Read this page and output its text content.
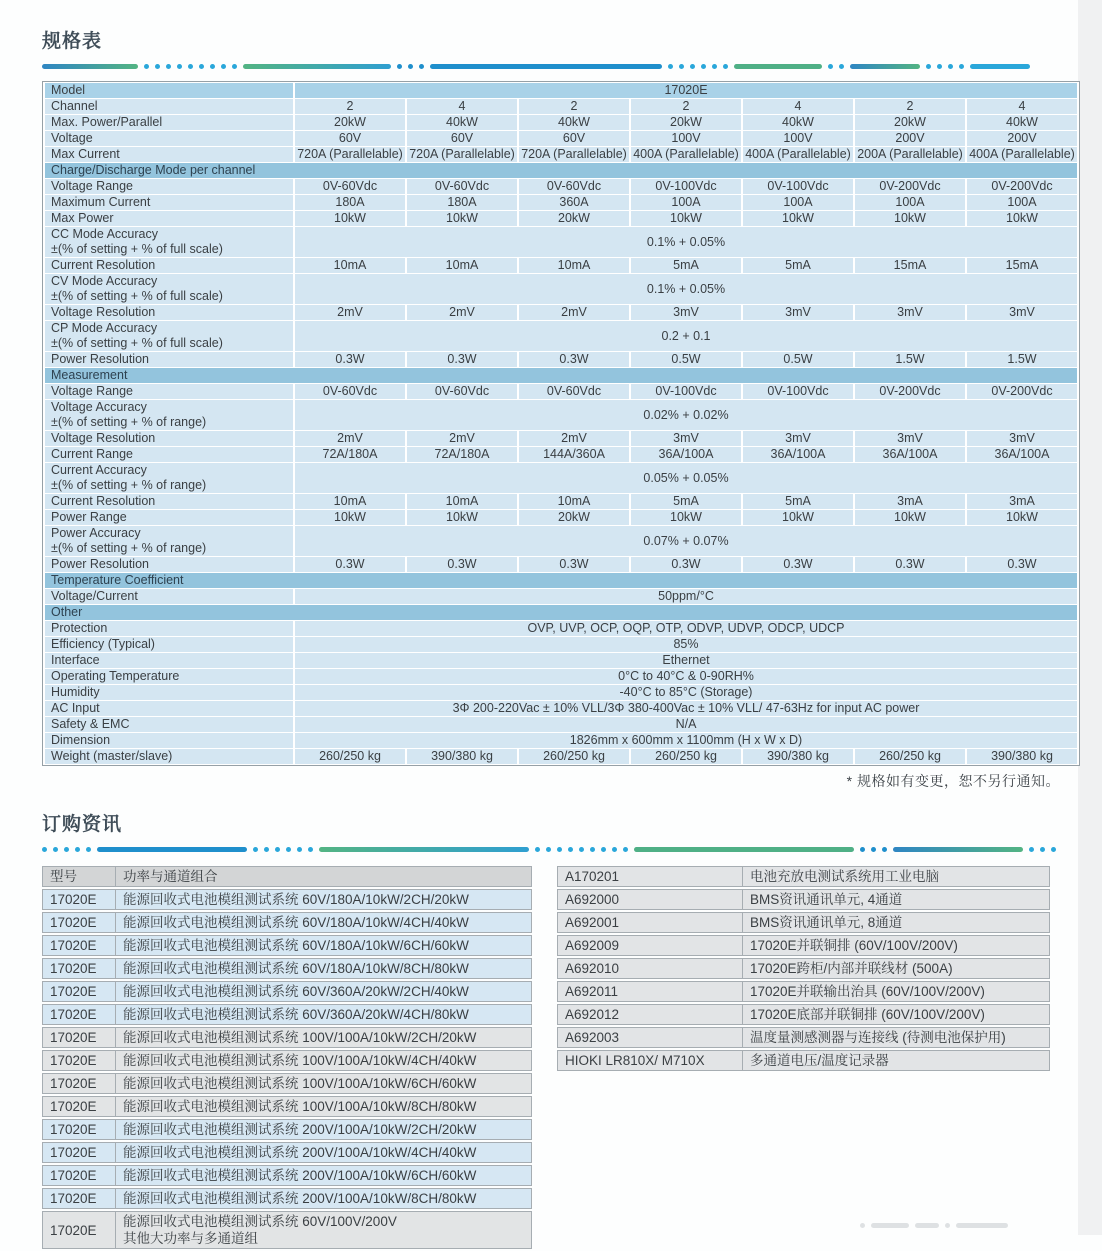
规格表
Model	17020E						
Channel	2	4	2	2	4	2	4
Max. Power/Parallel	20kW	40kW	40kW	20kW	40kW	20kW	40kW
Voltage	60V	60V	60V	100V	100V	200V	200V
Max Current	720A (Parallelable)	720A (Parallelable)	720A (Parallelable)	400A (Parallelable)	400A (Parallelable)	200A (Parallelable)	400A (Parallelable)
Charge/Discharge Mode per channel							
Voltage Range	0V-60Vdc	0V-60Vdc	0V-60Vdc	0V-100Vdc	0V-100Vdc	0V-200Vdc	0V-200Vdc
Maximum Current	180A	180A	360A	100A	100A	100A	100A
Max Power	10kW	10kW	20kW	10kW	10kW	10kW	10kW

CC Mode Accuracy
±(% of setting + % of full scale)	0.1% + 0.05%						
Current Resolution	10mA	10mA	10mA	5mA	5mA	15mA	15mA

CV Mode Accuracy
±(% of setting + % of full scale)	0.1% + 0.05%						
Voltage Resolution	2mV	2mV	2mV	3mV	3mV	3mV	3mV

CP Mode Accuracy
±(% of setting + % of full scale)	0.2 + 0.1						
Power Resolution	0.3W	0.3W	0.3W	0.5W	0.5W	1.5W	1.5W
Measurement							
Voltage Range	0V-60Vdc	0V-60Vdc	0V-60Vdc	0V-100Vdc	0V-100Vdc	0V-200Vdc	0V-200Vdc

Voltage Accuracy
±(% of setting + % of range)	0.02% + 0.02%						
Voltage Resolution	2mV	2mV	2mV	3mV	3mV	3mV	3mV
Current Range	72A/180A	72A/180A	144A/360A	36A/100A	36A/100A	36A/100A	36A/100A

Current Accuracy
±(% of setting + % of range)	0.05% + 0.05%						
Current Resolution	10mA	10mA	10mA	5mA	5mA	3mA	3mA
Power Range	10kW	10kW	20kW	10kW	10kW	10kW	10kW

Power Accuracy
±(% of setting + % of range)	0.07% + 0.07%						
Power Resolution	0.3W	0.3W	0.3W	0.3W	0.3W	0.3W	0.3W
Temperature Coefficient							
Voltage/Current	50ppm/°C						
Other							
Protection	OVP, UVP, OCP, OQP, OTP, ODVP, UDVP, ODCP, UDCP						
Efficiency (Typical)	85%						
Interface	Ethernet						
Operating Temperature	0°C to 40°C & 0-90RH%						
Humidity	-40°C to 85°C (Storage)						
AC Input	3Φ 200-220Vac ± 10% VLL/3Φ 380-400Vac ± 10% VLL/ 47-63Hz for input AC power						
Safety & EMC	N/A						
Dimension	1826mm x 600mm x 1100mm (H x W x D)						
Weight (master/slave)	260/250 kg	390/380 kg	260/250 kg	260/250 kg	390/380 kg	260/250 kg	390/380 kg
* 规格如有变更，恕不另行通知。
订购资讯
型号	功率与通道组合
17020E	能源回收式电池模组测试系统 60V/180A/10kW/2CH/20kW
17020E	能源回收式电池模组测试系统 60V/180A/10kW/4CH/40kW
17020E	能源回收式电池模组测试系统 60V/180A/10kW/6CH/60kW
17020E	能源回收式电池模组测试系统 60V/180A/10kW/8CH/80kW
17020E	能源回收式电池模组测试系统 60V/360A/20kW/2CH/40kW
17020E	能源回收式电池模组测试系统 60V/360A/20kW/4CH/80kW
17020E	能源回收式电池模组测试系统 100V/100A/10kW/2CH/20kW
17020E	能源回收式电池模组测试系统 100V/100A/10kW/4CH/40kW
17020E	能源回收式电池模组测试系统 100V/100A/10kW/6CH/60kW
17020E	能源回收式电池模组测试系统 100V/100A/10kW/8CH/80kW
17020E	能源回收式电池模组测试系统 200V/100A/10kW/2CH/20kW
17020E	能源回收式电池模组测试系统 200V/100A/10kW/4CH/40kW
17020E	能源回收式电池模组测试系统 200V/100A/10kW/6CH/60kW
17020E	能源回收式电池模组测试系统 200V/100A/10kW/8CH/80kW
17020E	能源回收式电池模组测试系统 60V/100V/200V
其他大功率与多通道组
A170201	电池充放电测试系统用工业电脑
A692000	BMS资讯通讯单元, 4通道
A692001	BMS资讯通讯单元, 8通道
A692009	17020E并联铜排 (60V/100V/200V)
A692010	17020E跨柜/内部并联线材 (500A)
A692011	17020E并联输出治具 (60V/100V/200V)
A692012	17020E底部并联铜排 (60V/100V/200V)
A692003	温度量测感测器与连接线 (待测电池保护用)
HIOKI LR810X/ M710X	多通道电压/温度记录器
